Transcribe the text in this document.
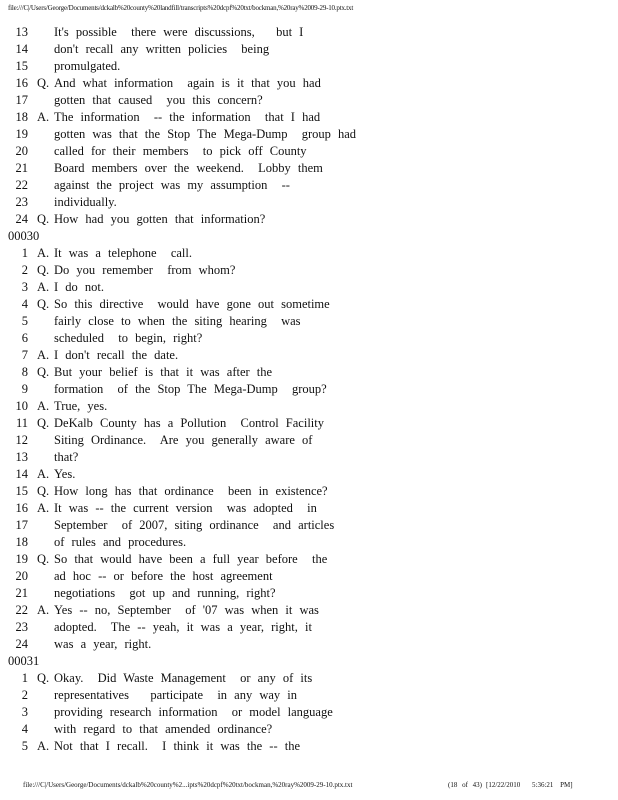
file:///C|/Users/George/Documents/dckalb%20county%20landfill/transcripts%20dcpf%20txt/bockman,%20ray%2009-29-10.ptx.txt
13 It's possible  there were discussions,   but I
14 don't recall any written policies  being
15 promulgated.
16 Q. And what information  again is it that you had
17 gotten that caused  you this concern?
18 A. The information  -- the information  that I had
19 gotten was that the Stop The Mega-Dump  group had
20 called for their members  to pick off County
21 Board members over the weekend.  Lobby them
22 against the project was my assumption  --
23 individually.
24 Q. How had you gotten that information?
00030
1 A. It was a telephone  call.
2 Q. Do you remember  from whom?
3 A. I do not.
4 Q. So this directive  would have gone out sometime
5 fairly close to when the siting hearing  was
6 scheduled  to begin, right?
7 A. I don't recall the date.
8 Q. But your belief is that it was after the
9 formation  of the Stop The Mega-Dump  group?
10 A. True, yes.
11 Q. DeKalb County has a Pollution  Control Facility
12 Siting Ordinance.  Are you generally aware of
13 that?
14 A. Yes.
15 Q. How long has that ordinance  been in existence?
16 A. It was -- the current version  was adopted  in
17 September  of 2007, siting ordinance  and articles
18 of rules and procedures.
19 Q. So that would have been a full year before  the
20 ad hoc -- or before the host agreement
21 negotiations  got up and running, right?
22 A. Yes -- no, September  of '07 was when it was
23 adopted.  The -- yeah, it was a year, right, it
24 was a year, right.
00031
1 Q. Okay.  Did Waste Management  or any of its
2 representatives   participate  in any way in
3 providing research information  or model language
4 with regard to that amended ordinance?
5 A. Not that I recall.  I think it was the -- the
file:///C|/Users/George/Documents/dckalb%20county%2...ipts%20dcpf%20txt/bockman,%20ray%2009-29-10.ptx.txt	(18 of 43) [12/22/2010 5:36:21 PM]
